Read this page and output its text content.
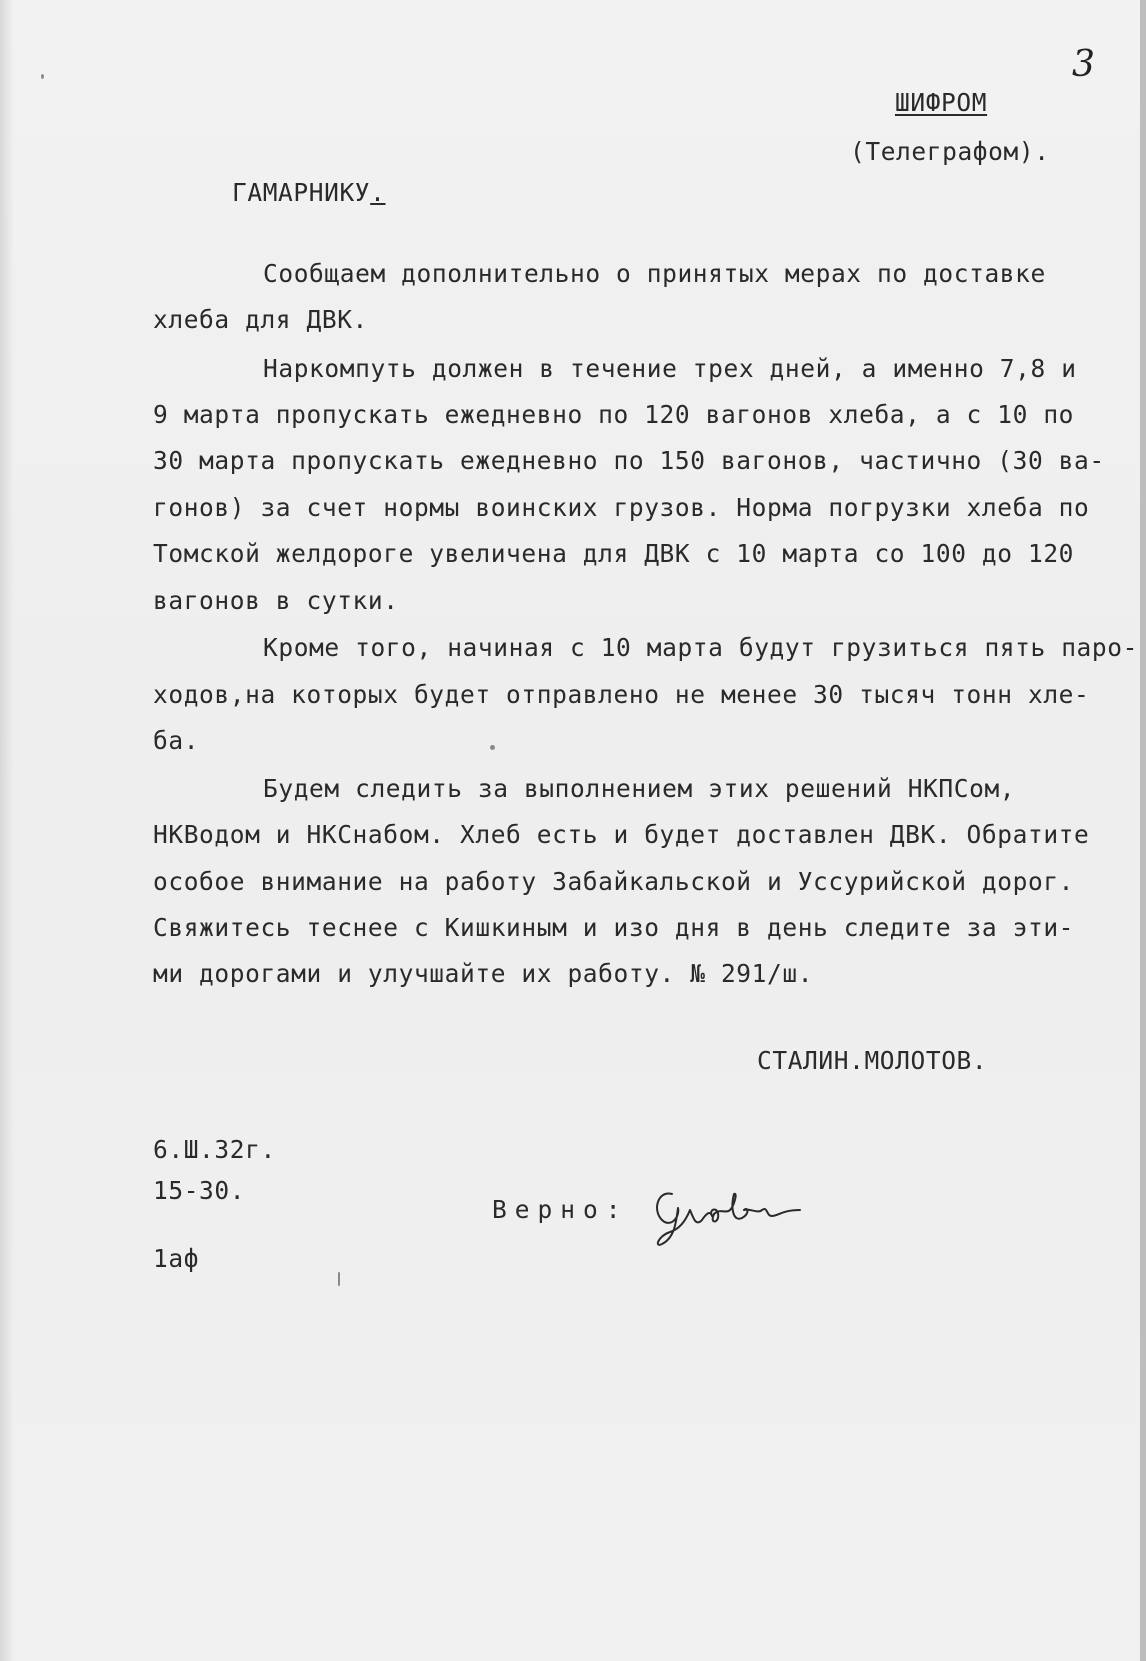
3
ШИФРОМ
(Телеграфом).
ГАМАРНИКУ.
Сообщаем дополнительно о принятых мерах по доставке
хлеба для ДВК.
Наркомпуть должен в течение трех дней, а именно 7,8 и
9 марта пропускать ежедневно по 120 вагонов хлеба, а с 10 по
30 марта пропускать ежедневно по 150 вагонов, частично (30 ва-
гонов) за счет нормы воинских грузов. Норма погрузки хлеба по
Томской желдороге увеличена для ДВК с 10 марта со 100 до 120
вагонов в сутки.
Кроме того, начиная с 10 марта будут грузиться пять паро-
ходов,на которых будет отправлено не менее 30 тысяч тонн хле-
ба.
Будем следить за выполнением этих решений НКПСом,
НКВодом и НКСнабом. Хлеб есть и будет доставлен ДВК. Обратите
особое внимание на работу Забайкальской и Уссурийской дорог.
Свяжитесь теснее с Кишкиным и изо дня в день следите за эти-
ми дорогами и улучшайте их работу. № 291/ш.
СТАЛИН.МОЛОТОВ.
6.Ш.32г.
15-30.
1аф
Верно:
